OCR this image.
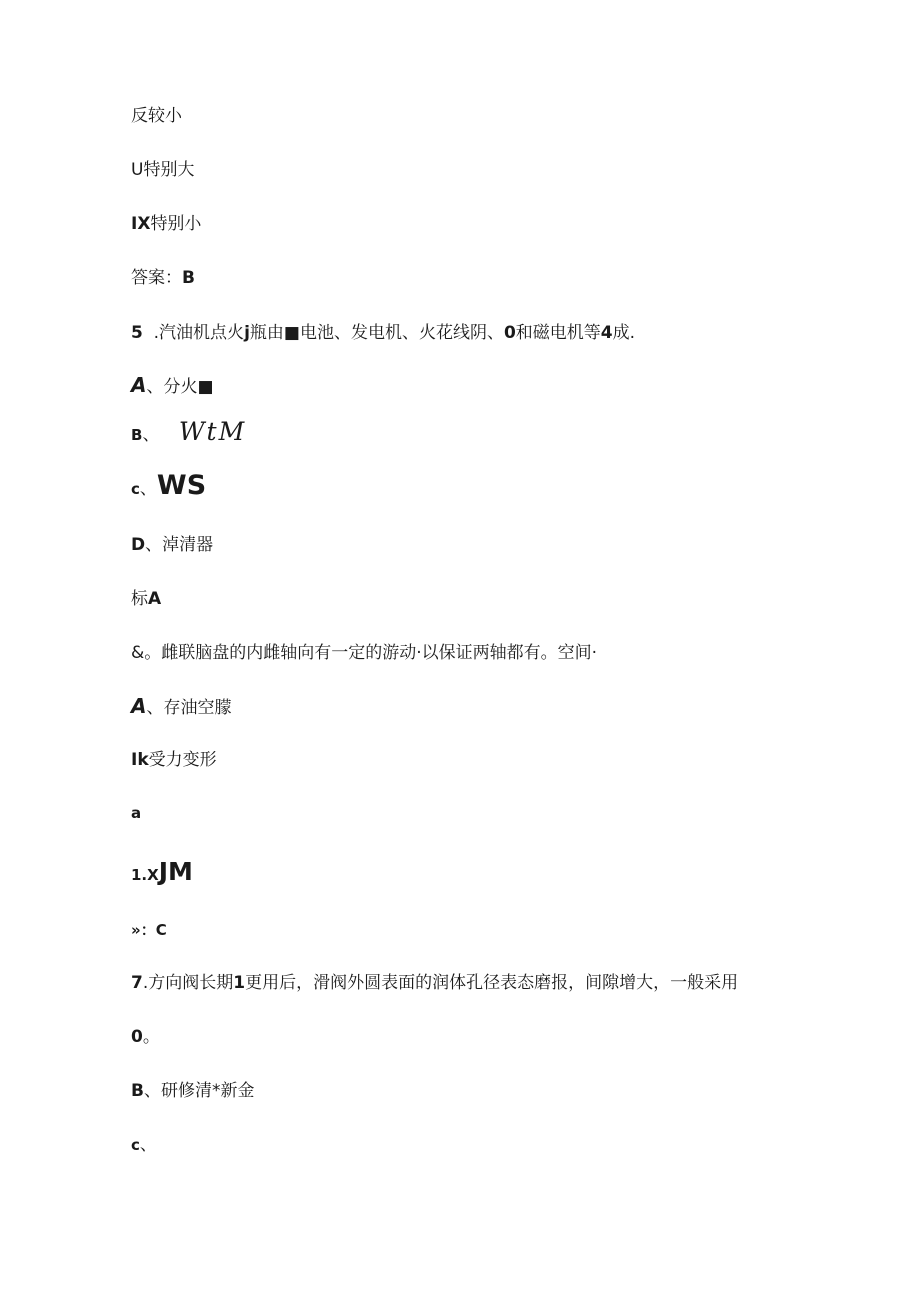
反较小
U特别大
IX特别小
答案：B
5  .汽油机点火j瓶由■电池、发电机、火花线阴、0和磁电机等4成.
A、分火■
B、 WtM
c、WS
D、淖清器
标A
&。雌联脑盘的内雌轴向有一定的游动·以保证两轴都有。空间·
A、存油空朦
Ik受力变形
a
1.XJM
»：C
7.方向阀长期1更用后，滑阀外圆表面的润体孔径表态磨报，间隙增大，一般采用
0。
B、研修清*新金
c、
